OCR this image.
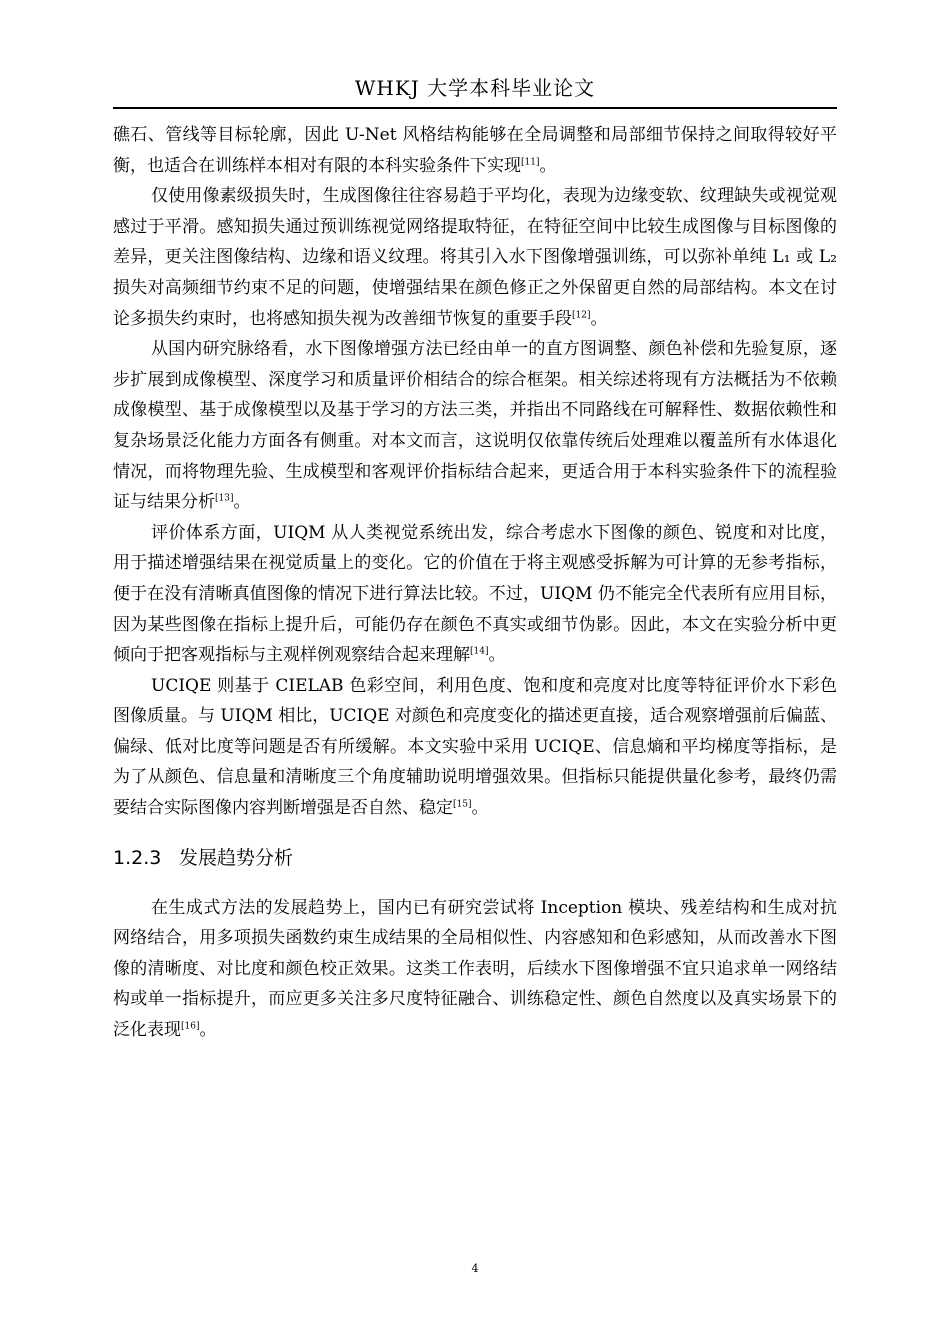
WHKJ 大学本科毕业论文

礁石、管线等目标轮廓，因此 U-Net 风格结构能够在全局调整和局部细节保持之间取得较好平衡，也适合在训练样本相对有限的本科实验条件下实现[11]。

仅使用像素级损失时，生成图像往往容易趋于平均化，表现为边缘变软、纹理缺失或视觉观感过于平滑。感知损失通过预训练视觉网络提取特征，在特征空间中比较生成图像与目标图像的差异，更关注图像结构、边缘和语义纹理。将其引入水下图像增强训练，可以弥补单纯 L₁ 或 L₂ 损失对高频细节约束不足的问题，使增强结果在颜色修正之外保留更自然的局部结构。本文在讨论多损失约束时，也将感知损失视为改善细节恢复的重要手段[12]。

从国内研究脉络看，水下图像增强方法已经由单一的直方图调整、颜色补偿和先验复原，逐步扩展到成像模型、深度学习和质量评价相结合的综合框架。相关综述将现有方法概括为不依赖成像模型、基于成像模型以及基于学习的方法三类，并指出不同路线在可解释性、数据依赖性和复杂场景泛化能力方面各有侧重。对本文而言，这说明仅依靠传统后处理难以覆盖所有水体退化情况，而将物理先验、生成模型和客观评价指标结合起来，更适合用于本科实验条件下的流程验证与结果分析[13]。

评价体系方面，UIQM 从人类视觉系统出发，综合考虑水下图像的颜色、锐度和对比度，用于描述增强结果在视觉质量上的变化。它的价值在于将主观感受拆解为可计算的无参考指标，便于在没有清晰真值图像的情况下进行算法比较。不过，UIQM 仍不能完全代表所有应用目标，因为某些图像在指标上提升后，可能仍存在颜色不真实或细节伪影。因此，本文在实验分析中更倾向于把客观指标与主观样例观察结合起来理解[14]。

UCIQE 则基于 CIELAB 色彩空间，利用色度、饱和度和亮度对比度等特征评价水下彩色图像质量。与 UIQM 相比，UCIQE 对颜色和亮度变化的描述更直接，适合观察增强前后偏蓝、偏绿、低对比度等问题是否有所缓解。本文实验中采用 UCIQE、信息熵和平均梯度等指标，是为了从颜色、信息量和清晰度三个角度辅助说明增强效果。但指标只能提供量化参考，最终仍需要结合实际图像内容判断增强是否自然、稳定[15]。

1.2.3 发展趋势分析

在生成式方法的发展趋势上，国内已有研究尝试将 Inception 模块、残差结构和生成对抗网络结合，用多项损失函数约束生成结果的全局相似性、内容感知和色彩感知，从而改善水下图像的清晰度、对比度和颜色校正效果。这类工作表明，后续水下图像增强不宜只追求单一网络结构或单一指标提升，而应更多关注多尺度特征融合、训练稳定性、颜色自然度以及真实场景下的泛化表现[16]。

4
